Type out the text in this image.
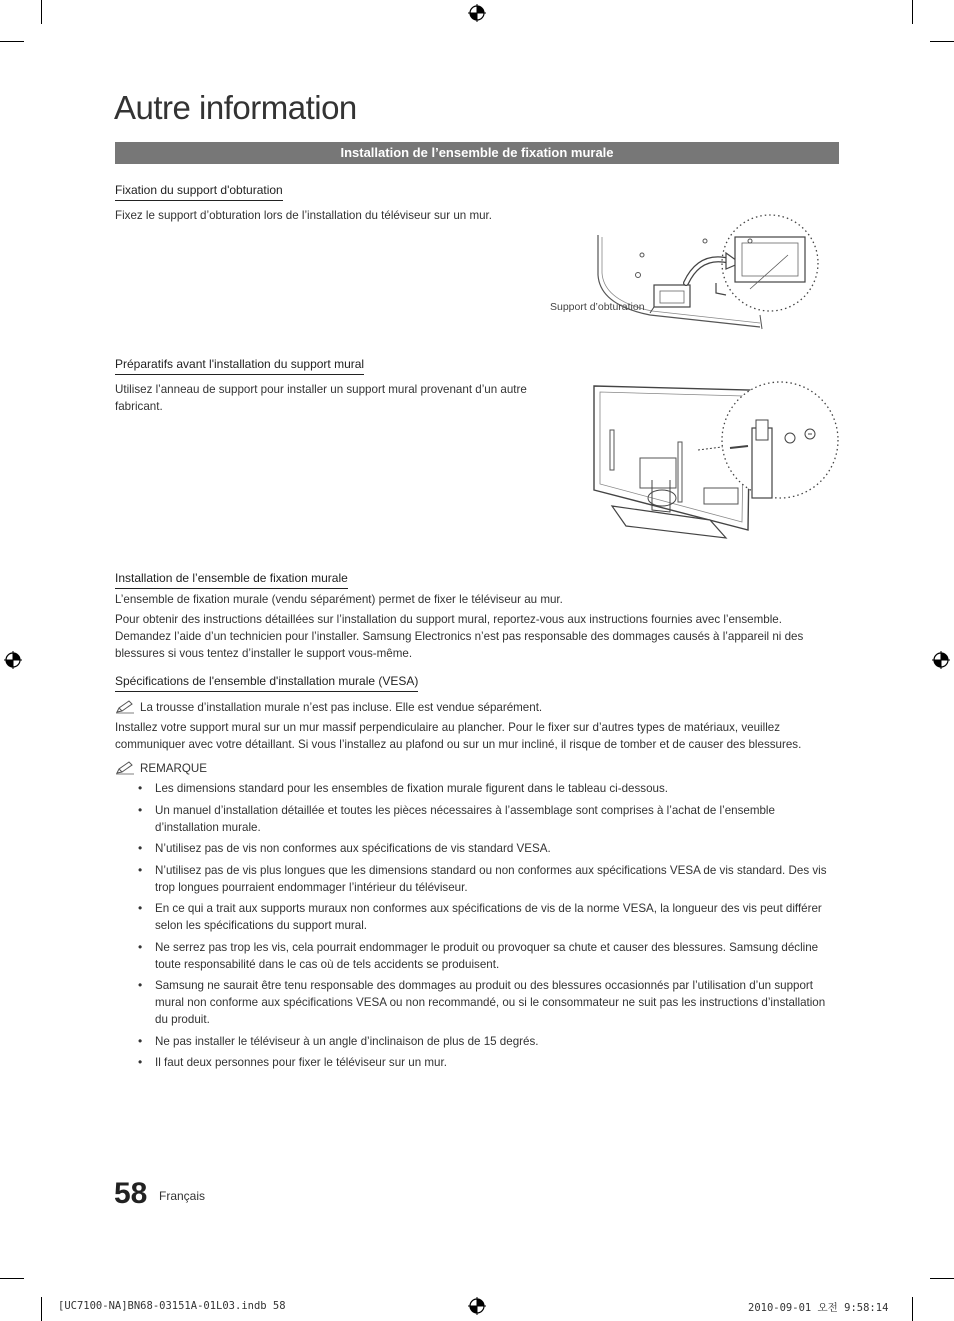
Autre information
Installation de l’ensemble de fixation murale
Fixation du support d'obturation

Fixez le support d’obturation lors de l’installation du téléviseur sur un mur.

Support d’obturation
Préparatifs avant l'installation du support mural

Utilisez l’anneau de support pour installer un support mural provenant d’un autre fabricant.

Installation de l’ensemble de fixation murale

L’ensemble de fixation murale (vendu séparément) permet de fixer le téléviseur au mur.

Pour obtenir des instructions détaillées sur l’installation du support mural, reportez-vous aux instructions fournies avec l’ensemble. Demandez l’aide d’un technicien pour l’installer. Samsung Electronics n’est pas responsable des dommages causés à l’appareil ni des blessures si vous tentez d’installer le support vous-même.

Spécifications de l'ensemble d'installation murale (VESA)
La trousse d’installation murale n’est pas incluse. Elle est vendue séparément.

Installez votre support mural sur un mur massif perpendiculaire au plancher. Pour le fixer sur d’autres types de matériaux, veuillez communiquer avec votre détaillant. Si vous l’installez au plafond ou sur un mur incliné, il risque de tomber et de causer des blessures.

REMARQUE
• Les dimensions standard pour les ensembles de fixation murale figurent dans le tableau ci-dessous.
• Un manuel d’installation détaillée et toutes les pièces nécessaires à l’assemblage sont comprises à l’achat de l’ensemble d’installation murale.
• N’utilisez pas de vis non conformes aux spécifications de vis standard VESA.
• N’utilisez pas de vis plus longues que les dimensions standard ou non conformes aux spécifications VESA de vis standard. Des vis trop longues pourraient endommager l’intérieur du téléviseur.
• En ce qui a trait aux supports muraux non conformes aux spécifications de vis de la norme VESA, la longueur des vis peut différer selon les spécifications du support mural.
• Ne serrez pas trop les vis, cela pourrait endommager le produit ou provoquer sa chute et causer des blessures. Samsung décline toute responsabilité dans le cas où de tels accidents se produisent.
• Samsung ne saurait être tenu responsable des dommages au produit ou des blessures occasionnés par l’utilisation d’un support mural non conforme aux spécifications VESA ou non recommandé, ou si le consommateur ne suit pas les instructions d’installation du produit.
• Ne pas installer le téléviseur à un angle d’inclinaison de plus de 15 degrés.
• Il faut deux personnes pour fixer le téléviseur sur un mur.
58 Français
[UC7100-NA]BN68-03151A-01L03.indb 58	2010-09-01 오전 9:58:14
